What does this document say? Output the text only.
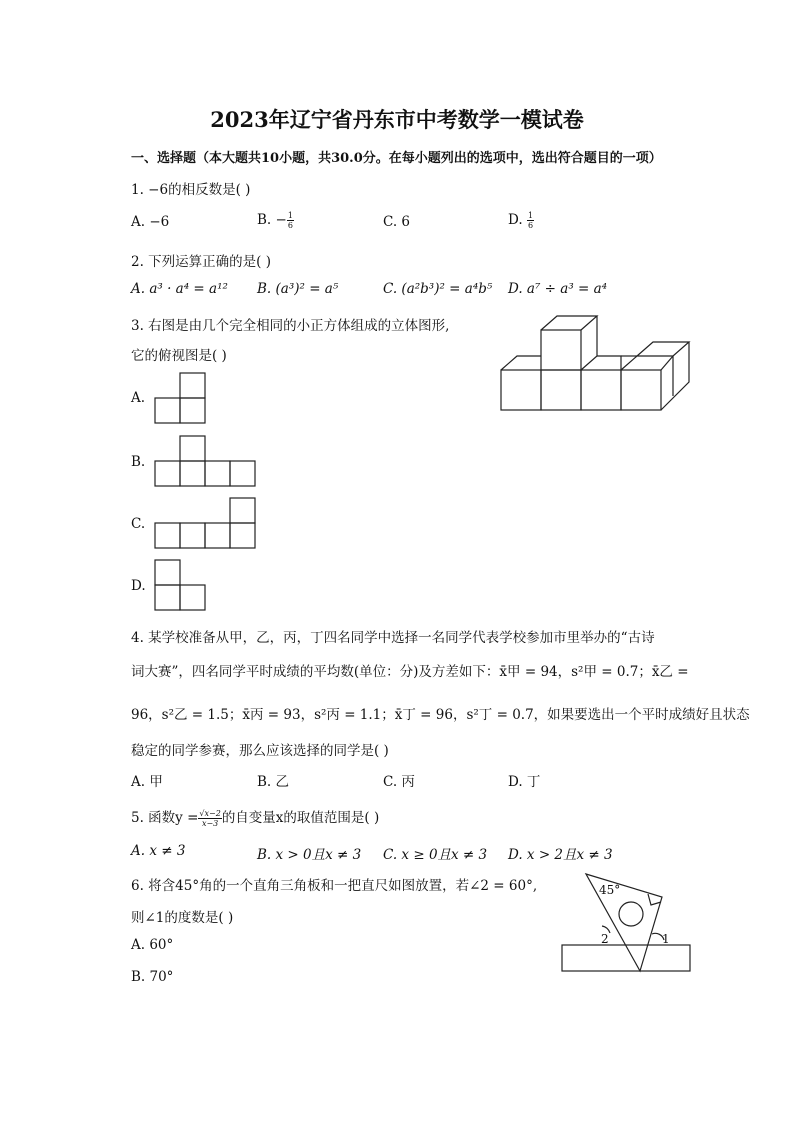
2023年辽宁省丹东市中考数学一模试卷
一、选择题（本大题共10小题，共30.0分。在每小题列出的选项中，选出符合题目的一项）
1. −6的相反数是( )
A. −6	B. − $\frac{1}{6}$	C. 6	D. $\frac{1}{6}$
2. 下列运算正确的是( )
A. a³ · a⁴ = a¹² B. (a³)² = a⁵	C. (a²b³)² = a⁴b⁵ D. a⁷ ÷ a³ = a⁴
3. 右图是由几个完全相同的小正方体组成的立体图形,
它的俯视图是( )
A.
B.
C.
D.
4. 某学校准备从甲，乙，丙，丁四名同学中选择一名同学代表学校参加市里举办的“古诗
词大赛”，四名同学平时成绩的平均数(单位：分)及方差如下：x̄甲 = 94，s²甲 = 0.7；x̄乙 =
96，s²乙 = 1.5；x̄丙 = 93，s²丙 = 1.1；x̄丁 = 96，s²丁 = 0.7，如果要选出一个平时成绩好且状态
稳定的同学参赛，那么应该选择的同学是( )
A. 甲	B. 乙	C. 丙	D. 丁
5. 函数$y = \frac{√x-2}{x-3}$ 的自变量x的取值范围是( )
A. x ≠ 3	B. x > 0且x ≠ 3 C. x ≥ 0且x ≠ 3 D. x > 2且x ≠ 3
6. 将含45°角的一个直角三角板和一把直尺如图放置，若∠2 = 60°,
则∠1的度数是( )
A. 60°
B. 70°
45°
2	1
